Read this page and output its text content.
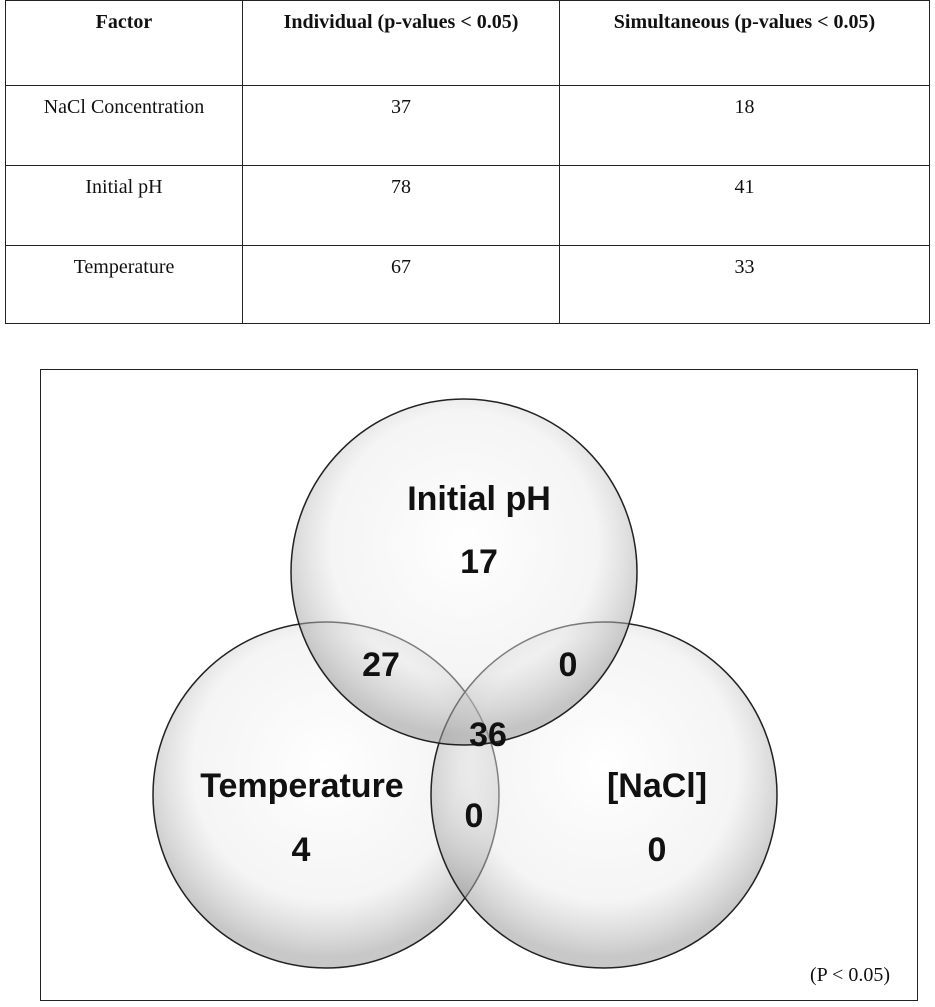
Factor	Individual (p-values < 0.05)	Simultaneous (p-values < 0.05)
NaCl Concentration	37	18
Initial pH	78	41
Temperature	67	33
Initial pH
17
27	0
36
Temperature
4
0
[NaCl]
0
(P < 0.05)
